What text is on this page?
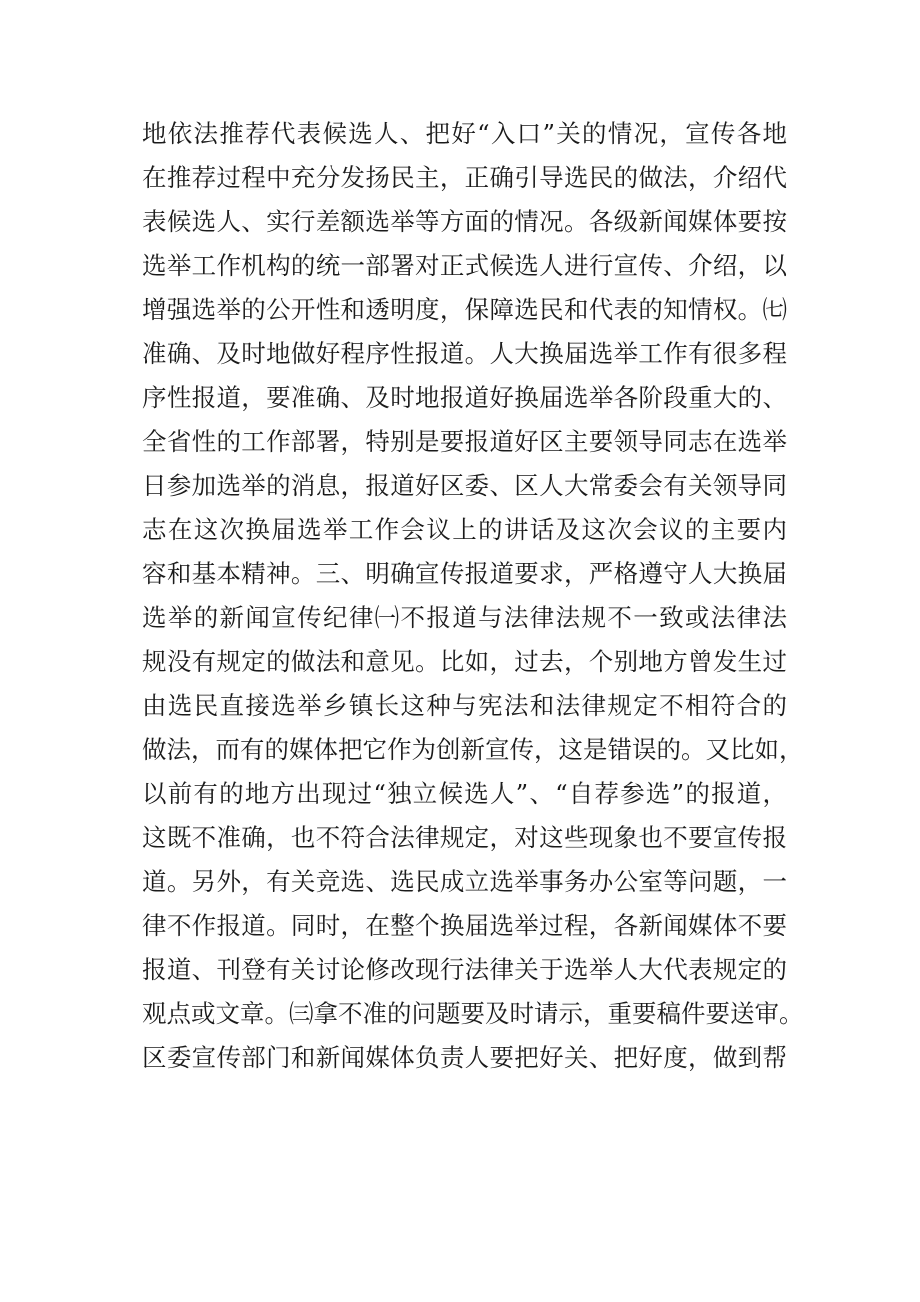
地依法推荐代表候选人、把好“入口”关的情况，宣传各地
在推荐过程中充分发扬民主，正确引导选民的做法，介绍代
表候选人、实行差额选举等方面的情况。各级新闻媒体要按
选举工作机构的统一部署对正式候选人进行宣传、介绍，以
增强选举的公开性和透明度，保障选民和代表的知情权。㈦
准确、及时地做好程序性报道。人大换届选举工作有很多程
序性报道，要准确、及时地报道好换届选举各阶段重大的、
全省性的工作部署，特别是要报道好区主要领导同志在选举
日参加选举的消息，报道好区委、区人大常委会有关领导同
志在这次换届选举工作会议上的讲话及这次会议的主要内
容和基本精神。三、明确宣传报道要求，严格遵守人大换届
选举的新闻宣传纪律㈠不报道与法律法规不一致或法律法
规没有规定的做法和意见。比如，过去，个别地方曾发生过
由选民直接选举乡镇长这种与宪法和法律规定不相符合的
做法，而有的媒体把它作为创新宣传，这是错误的。又比如，
以前有的地方出现过“独立候选人”、“自荐参选”的报道，
这既不准确，也不符合法律规定，对这些现象也不要宣传报
道。另外，有关竞选、选民成立选举事务办公室等问题，一
律不作报道。同时，在整个换届选举过程，各新闻媒体不要
报道、刊登有关讨论修改现行法律关于选举人大代表规定的
观点或文章。㈢拿不准的问题要及时请示，重要稿件要送审。
区委宣传部门和新闻媒体负责人要把好关、把好度，做到帮
